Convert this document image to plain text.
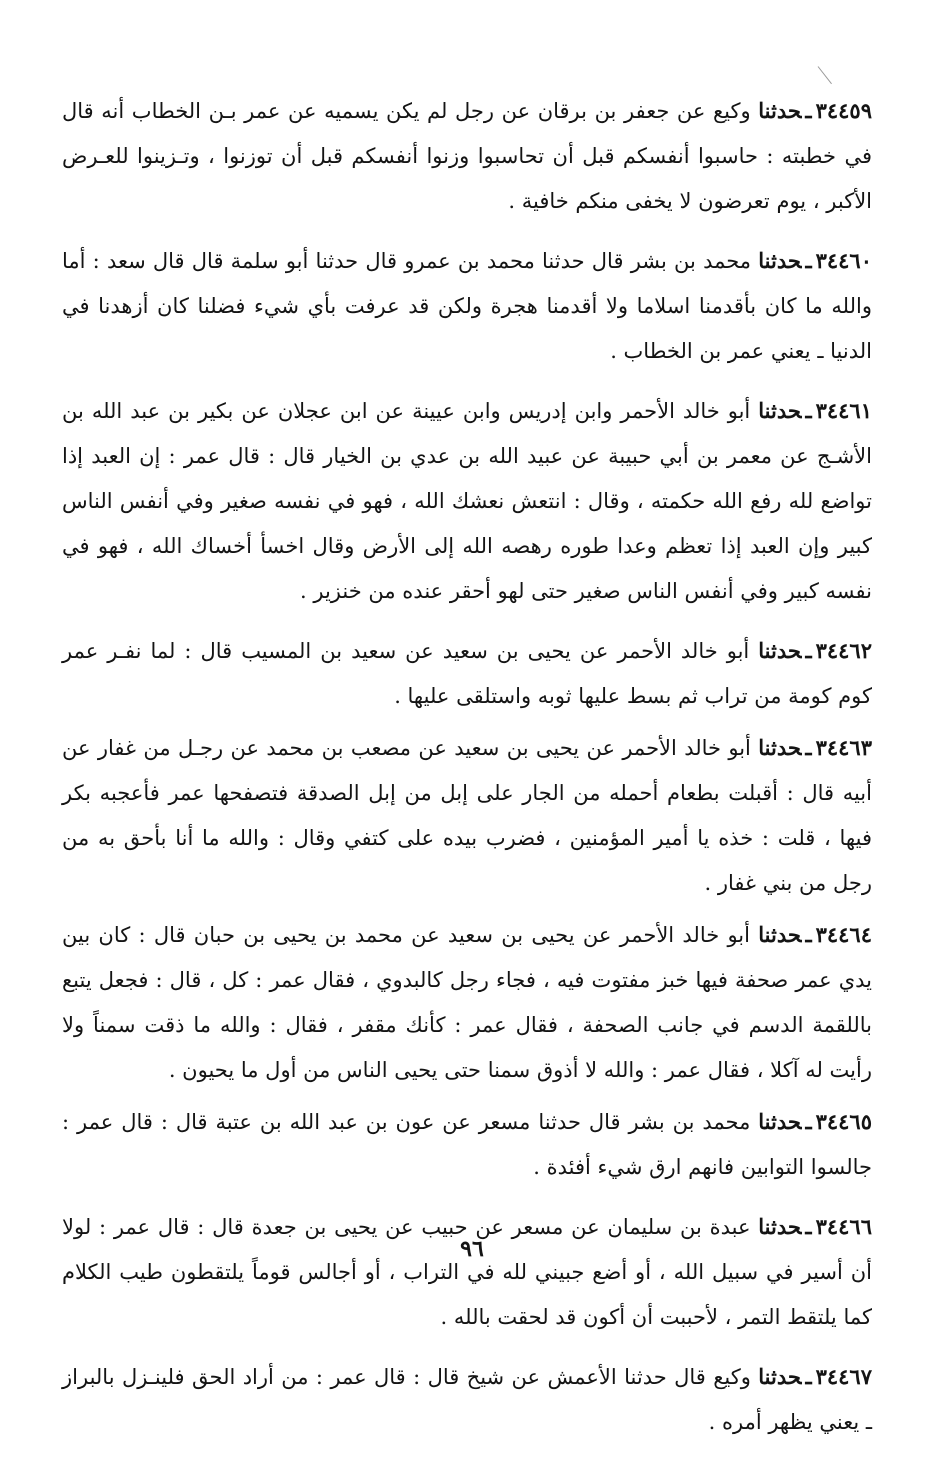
٣٤٤٥٩ـحدثنا وكيع عن جعفر بن برقان عن رجل لم يكن يسميه عن عمر بـن الخطاب أنه قال في خطبته : حاسبوا أنفسكم قبل أن تحاسبوا وزنوا أنفسكم قبل أن توزنوا ، وتـزينوا للعـرض الأكبر ، يوم تعرضون لا يخفى منكم خافية .

٣٤٤٦٠ـحدثنا محمد بن بشر قال حدثنا محمد بن عمرو قال حدثنا أبو سلمة قال قال سعد : أما والله ما كان بأقدمنا اسلاما ولا أقدمنا هجرة ولكن قد عرفت بأي شيء فضلنا كان أزهدنا في الدنيا ـ يعني عمر بن الخطاب .

٣٤٤٦١ـحدثنا أبو خالد الأحمر وابن إدريس وابن عيينة عن ابن عجلان عن بكير بن عبد الله بن الأشـج عن معمر بن أبي حبيبة عن عبيد الله بن عدي بن الخيار قال : قال عمر : إن العبد إذا تواضع لله رفع الله حكمته ، وقال : انتعش نعشك الله ، فهو في نفسه صغير وفي أنفس الناس كبير وإن العبد إذا تعظم وعدا طوره رهصه الله إلى الأرض وقال اخسأ أخساك الله ، فهو في نفسه كبير وفي أنفس الناس صغير حتى لهو أحقر عنده من خنزير .

٣٤٤٦٢ـحدثنا أبو خالد الأحمر عن يحيى بن سعيد عن سعيد بن المسيب قال : لما نفـر عمر كوم كومة من تراب ثم بسط عليها ثوبه واستلقى عليها .

٣٤٤٦٣ـحدثنا أبو خالد الأحمر عن يحيى بن سعيد عن مصعب بن محمد عن رجـل من غفار عن أبيه قال : أقبلت بطعام أحمله من الجار على إبل من إبل الصدقة فتصفحها عمر فأعجبه بكر فيها ، قلت : خذه يا أمير المؤمنين ، فضرب بيده على كتفي وقال : والله ما أنا بأحق به من رجل من بني غفار .

٣٤٤٦٤ـحدثنا أبو خالد الأحمر عن يحيى بن سعيد عن محمد بن يحيى بن حبان قال : كان بين يدي عمر صحفة فيها خبز مفتوت فيه ، فجاء رجل كالبدوي ، فقال عمر : كل ، قال : فجعل يتبع باللقمة الدسم في جانب الصحفة ، فقال عمر : كأنك مقفر ، فقال : والله ما ذقت سمناً ولا رأيت له آكلا ، فقال عمر : والله لا أذوق سمنا حتى يحيى الناس من أول ما يحيون .

٣٤٤٦٥ـحدثنا محمد بن بشر قال حدثنا مسعر عن عون بن عبد الله بن عتبة قال : قال عمر : جالسوا التوابين فانهم ارق شيء أفئدة .

٣٤٤٦٦ـحدثنا عبدة بن سليمان عن مسعر عن حبيب عن يحيى بن جعدة قال : قال عمر : لولا أن أسير في سبيل الله ، أو أضع جبيني لله في التراب ، أو أجالس قوماً يلتقطون طيب الكلام كما يلتقط التمر ، لأحببت أن أكون قد لحقت بالله .

٣٤٤٦٧ـحدثنا وكيع قال حدثنا الأعمش عن شيخ قال : قال عمر : من أراد الحق فلينـزل بالبراز ـ يعني يظهر أمره .

٩٦
